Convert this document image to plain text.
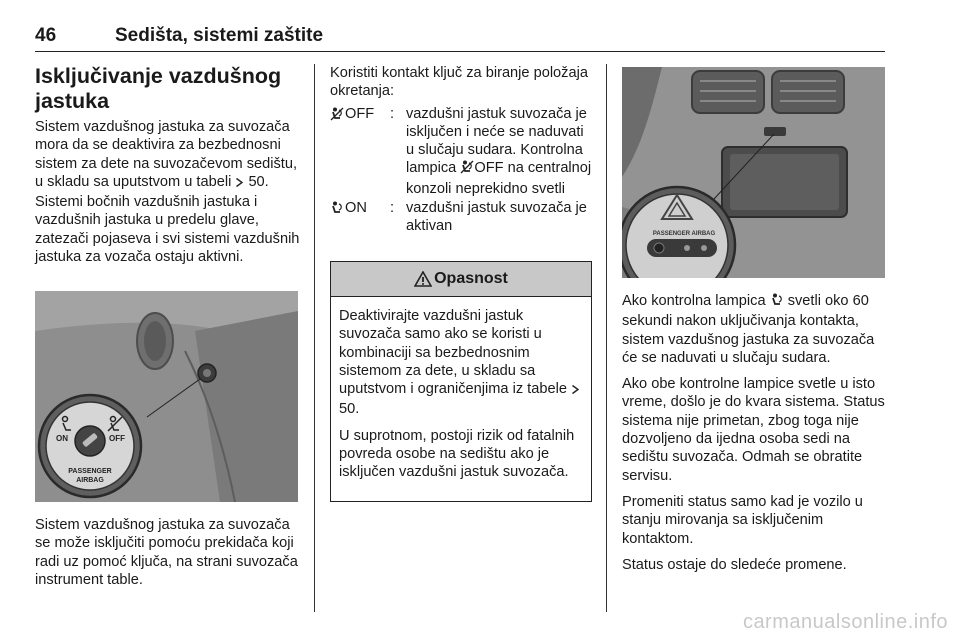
46	Sedišta, sistemi zaštite
Isključivanje vazdušnog jastuka

Sistem vazdušnog jastuka za suvozača mora da se deaktivira za bezbednosni sistem za dete na suvozačevom sedištu, u skladu sa uputstvom u tabeli  50. Sistemi bočnih vazdušnih jastuka i vazdušnih jastuka u predelu glave, zatezači pojaseva i svi sistemi vazdušnih jastuka za vozača ostaju aktivni.

ON	OFF
PASSENGER
AIRBAG

Sistem vazdušnog jastuka za suvozača se može isključiti pomoću prekidača koji radi uz pomoć ključa, na strani suvozača instrument table.

Koristiti kontakt ključ za biranje položaja okretanja:

OFF : vazdušni jastuk suvozača je isključen i neće se naduvati u slučaju sudara. Kontrolna lampica OFF na centralnoj konzoli neprekidno svetli
ON : vazdušni jastuk suvozača je aktivan
Opasnost

Deaktivirajte vazdušni jastuk suvozača samo ako se koristi u kombinaciji sa bezbednosnim sistemom za dete, u skladu sa uputstvom i ograničenjima iz tabele  50.

U suprotnom, postoji rizik od fatalnih povreda osobe na sedištu ako je isključen vazdušni jastuk suvozača.

PASSENGER AIRBAG

Ako kontrolna lampica  svetli oko 60 sekundi nakon uključivanja kontakta, sistem vazdušnog jastuka za suvozača će se naduvati u slučaju sudara.

Ako obe kontrolne lampice svetle u isto vreme, došlo je do kvara sistema. Status sistema nije primetan, zbog toga nije dozvoljeno da ijedna osoba sedi na sedištu suvozača. Odmah se obratite servisu.

Promeniti status samo kad je vozilo u stanju mirovanja sa isključenim kontaktom.

Status ostaje do sledeće promene.

carmanualsonline.info
